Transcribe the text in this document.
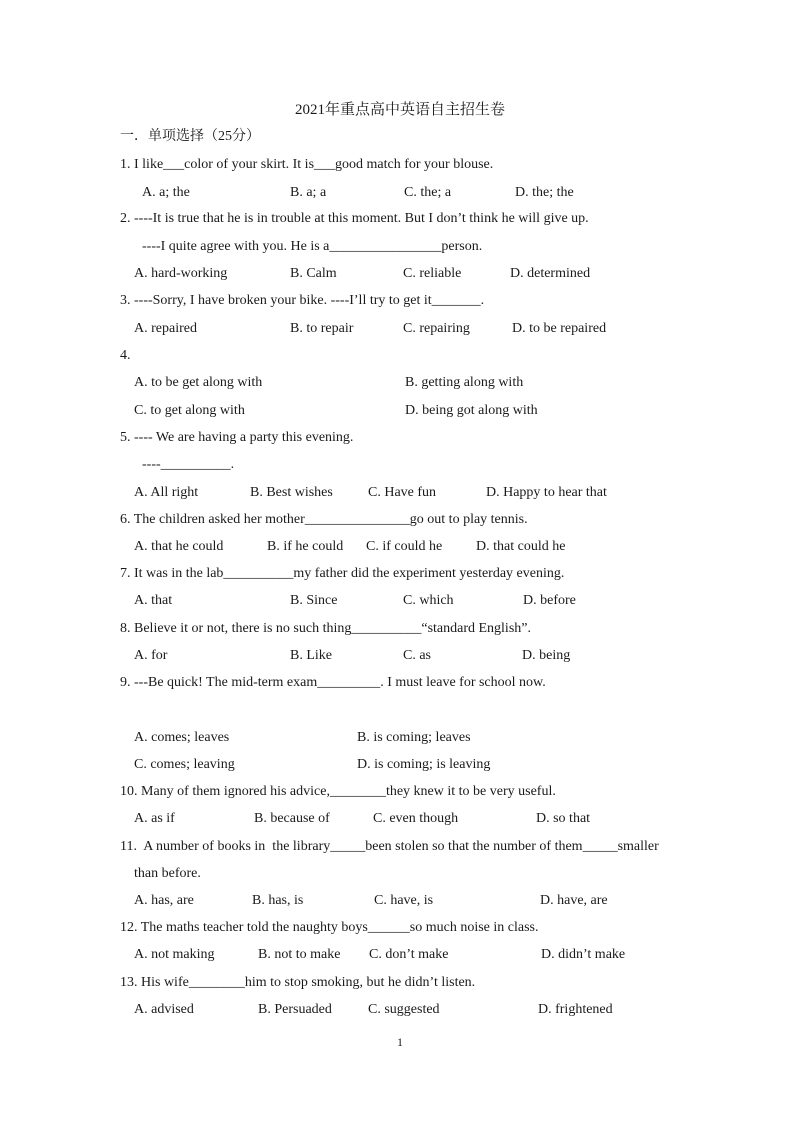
2021年重点高中英语自主招生卷
一．单项选择（25分）
1. I like___color of your skirt. It is___good match for your blouse.
A. a; the	B. a; a	C. the; a	D. the; the
2. ----It is true that he is in trouble at this moment. But I don’t think he will give up.
----I quite agree with you. He is a________________person.
A. hard-working	B. Calm	C. reliable	D. determined
3. ----Sorry, I have broken your bike. ----I’ll try to get it_______.
A. repaired	B. to repair	C. repairing	D. to be repaired
4.
A. to be get along with	B. getting along with
C. to get along with	D. being got along with
5. ---- We are having a party this evening.
----__________.
A. All right	B. Best wishes	C. Have fun	D. Happy to hear that
6. The children asked her mother_______________go out to play tennis.
A. that he could	B. if he could C. if could he D. that could he
7. It was in the lab__________my father did the experiment yesterday evening.
A. that	B. Since	C. which	D. before
8. Believe it or not, there is no such thing__________“standard English”.
A. for	B. Like	C. as	D. being
9. ---Be quick! The mid-term exam_________. I must leave for school now.
A. comes; leaves	B. is coming; leaves
C. comes; leaving	D. is coming; is leaving
10. Many of them ignored his advice,________they knew it to be very useful.
A. as if	B. because of	C. even though	D. so that
11.  A number of books in  the library_____been stolen so that the number of them_____smaller
than before.
A. has, are	B. has, is	C. have, is	D. have, are
12. The maths teacher told the naughty boys______so much noise in class.
A. not making	B. not to make C. don’t make	D. didn’t make
13. His wife________him to stop smoking, but he didn’t listen.
A. advised	B. Persuaded	C. suggested	D. frightened
1
